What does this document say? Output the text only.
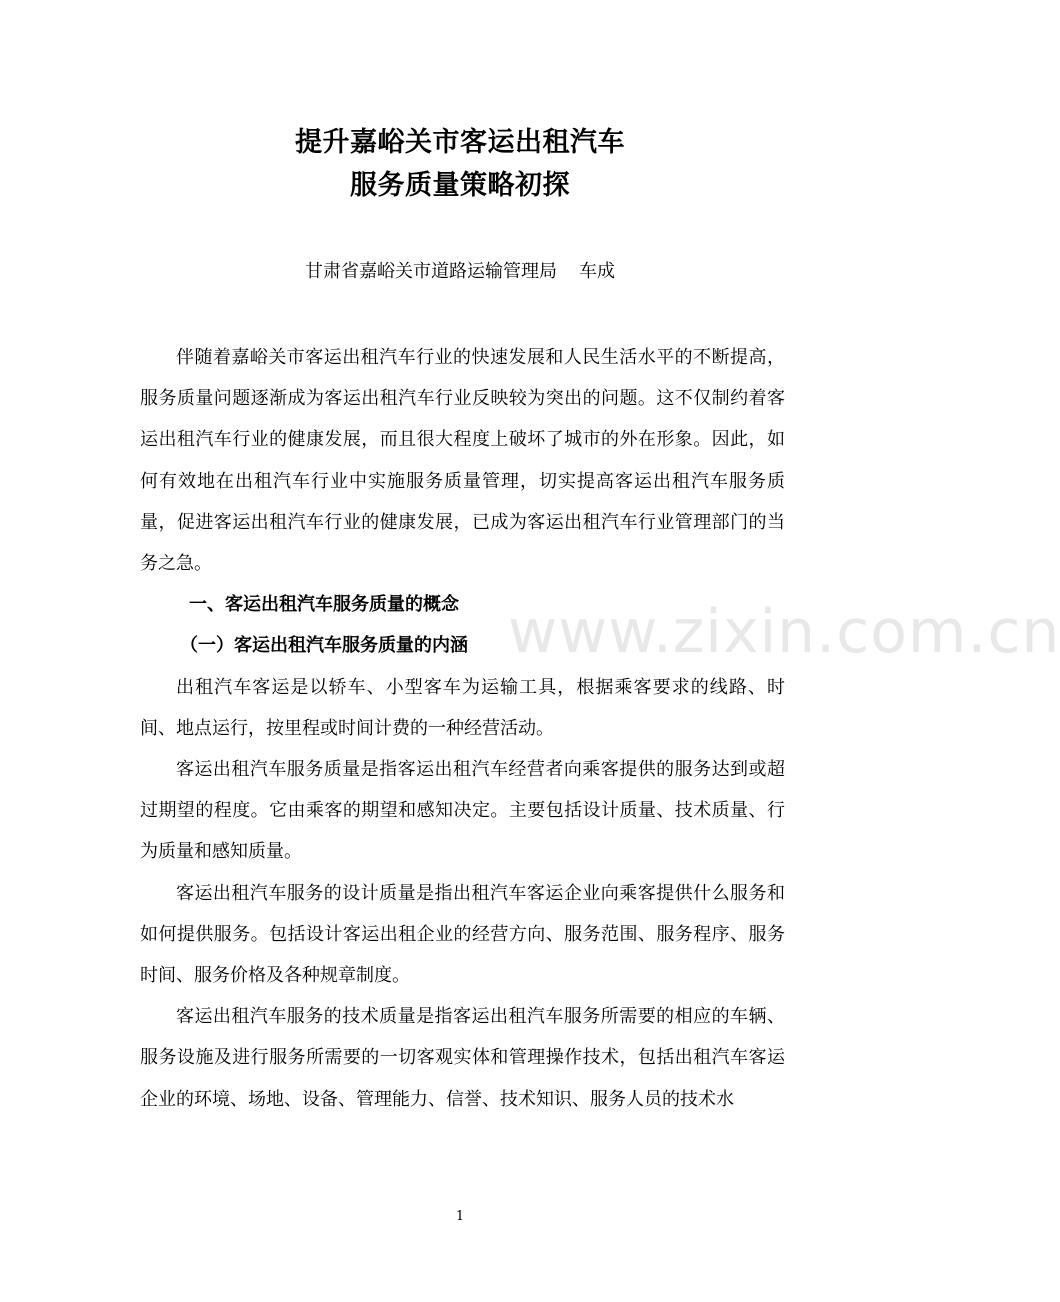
www.zixin.com.cn
提升嘉峪关市客运出租汽车
服务质量策略初探
甘肃省嘉峪关市道路运输管理局 车成

伴随着嘉峪关市客运出租汽车行业的快速发展和人民生活水平的不断提高，服务质量问题逐渐成为客运出租汽车行业反映较为突出的问题。这不仅制约着客运出租汽车行业的健康发展，而且很大程度上破坏了城市的外在形象。因此，如何有效地在出租汽车行业中实施服务质量管理，切实提高客运出租汽车服务质量，促进客运出租汽车行业的健康发展，已成为客运出租汽车行业管理部门的当务之急。

一、客运出租汽车服务质量的概念

（一）客运出租汽车服务质量的内涵

出租汽车客运是以轿车、小型客车为运输工具，根据乘客要求的线路、时间、地点运行，按里程或时间计费的一种经营活动。

客运出租汽车服务质量是指客运出租汽车经营者向乘客提供的服务达到或超过期望的程度。它由乘客的期望和感知决定。主要包括设计质量、技术质量、行为质量和感知质量。

客运出租汽车服务的设计质量是指出租汽车客运企业向乘客提供什么服务和如何提供服务。包括设计客运出租企业的经营方向、服务范围、服务程序、服务时间、服务价格及各种规章制度。

客运出租汽车服务的技术质量是指客运出租汽车服务所需要的相应的车辆、服务设施及进行服务所需要的一切客观实体和管理操作技术，包括出租汽车客运企业的环境、场地、设备、管理能力、信誉、技术知识、服务人员的技术水

1
